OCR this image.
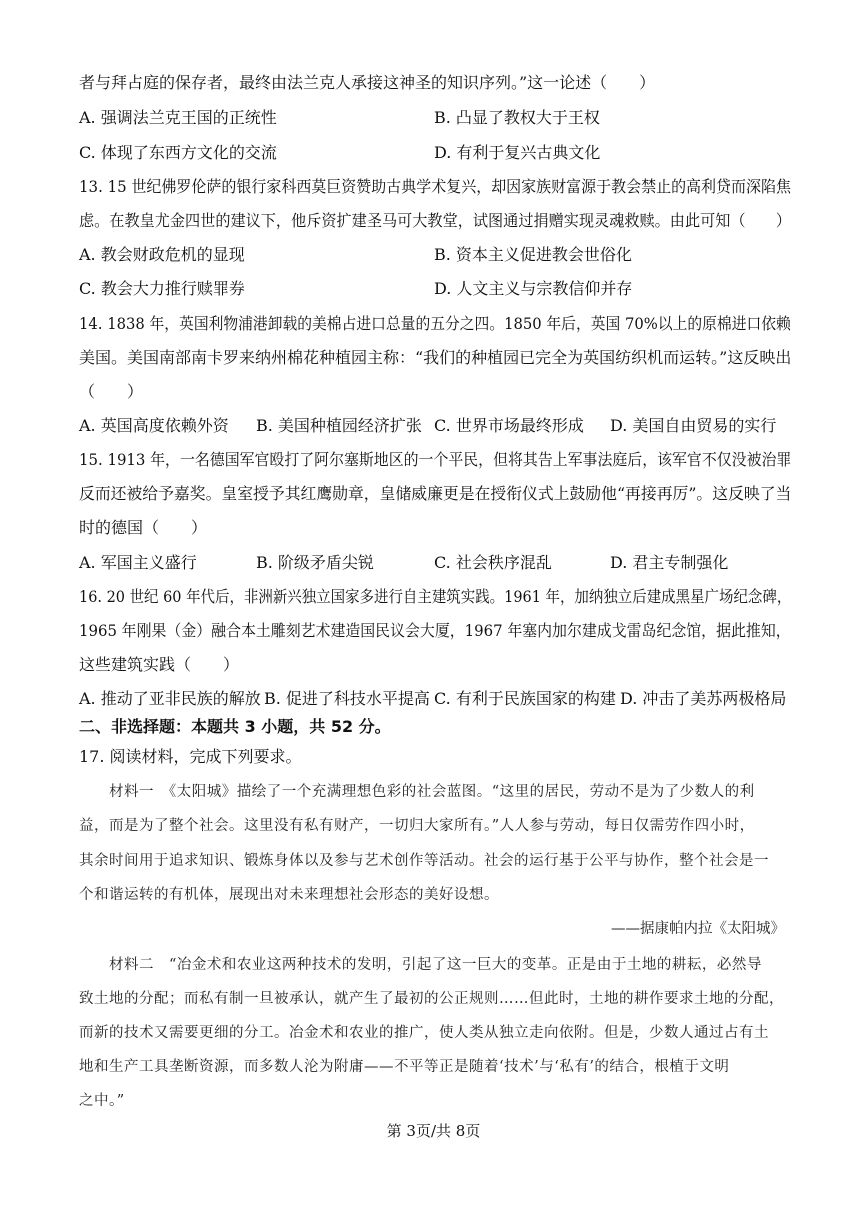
者与拜占庭的保存者，最终由法兰克人承接这神圣的知识序列。”这一论述（　　）
A. 强调法兰克王国的正统性	B. 凸显了教权大于王权
C. 体现了东西方文化的交流	D. 有利于复兴古典文化
13. 15 世纪佛罗伦萨的银行家科西莫巨资赞助古典学术复兴，却因家族财富源于教会禁止的高利贷而深陷焦
虑。在教皇尤金四世的建议下，他斥资扩建圣马可大教堂，试图通过捐赠实现灵魂救赎。由此可知（　　）
A. 教会财政危机的显现	B. 资本主义促进教会世俗化
C. 教会大力推行赎罪券	D. 人文主义与宗教信仰并存
14. 1838 年，英国利物浦港卸载的美棉占进口总量的五分之四。1850 年后，英国 70%以上的原棉进口依赖
美国。美国南部南卡罗来纳州棉花种植园主称：“我们的种植园已完全为英国纺织机而运转。”这反映出
（　　）
A. 英国高度依赖外资 B. 美国种植园经济扩张 C. 世界市场最终形成 D. 美国自由贸易的实行
15. 1913 年，一名德国军官殴打了阿尔塞斯地区的一个平民，但将其告上军事法庭后，该军官不仅没被治罪
反而还被给予嘉奖。皇室授予其红鹰勋章，皇储威廉更是在授衔仪式上鼓励他“再接再厉”。这反映了当
时的德国（　　）
A. 军国主义盛行	B. 阶级矛盾尖锐	C. 社会秩序混乱	D. 君主专制强化
16. 20 世纪 60 年代后，非洲新兴独立国家多进行自主建筑实践。1961 年，加纳独立后建成黑星广场纪念碑，
1965 年刚果（金）融合本土雕刻艺术建造国民议会大厦，1967 年塞内加尔建成戈雷岛纪念馆，据此推知，
这些建筑实践（　　）
A. 推动了亚非民族的解放 B. 促进了科技水平提高 C. 有利于民族国家的构建 D. 冲击了美苏两极格局
二、非选择题：本题共 3 小题，共 52 分。
17. 阅读材料，完成下列要求。
　　材料一　《太阳城》描绘了一个充满理想色彩的社会蓝图。“这里的居民，劳动不是为了少数人的利
益，而是为了整个社会。这里没有私有财产，一切归大家所有。”人人参与劳动，每日仅需劳作四小时，
其余时间用于追求知识、锻炼身体以及参与艺术创作等活动。社会的运行基于公平与协作，整个社会是一
个和谐运转的有机体，展现出对未来理想社会形态的美好设想。
——据康帕内拉《太阳城》
　　材料二　“冶金术和农业这两种技术的发明，引起了这一巨大的变革。正是由于土地的耕耘，必然导
致土地的分配；而私有制一旦被承认，就产生了最初的公正规则……但此时，土地的耕作要求土地的分配，
而新的技术又需要更细的分工。冶金术和农业的推广，使人类从独立走向依附。但是，少数人通过占有土
地和生产工具垄断资源，而多数人沦为附庸——不平等正是随着‘技术’与‘私有’的结合，根植于文明
之中。”
第 3页/共 8页
